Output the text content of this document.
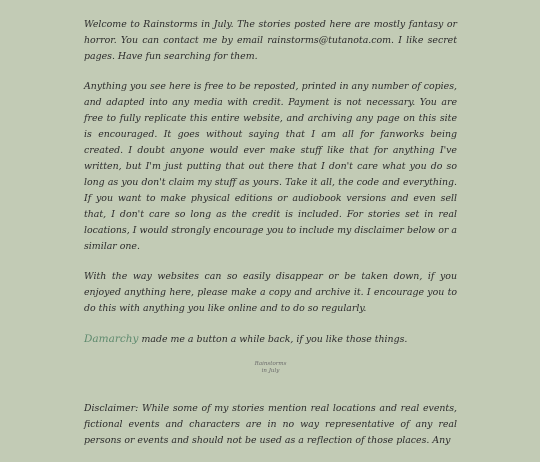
Welcome to Rainstorms in July. The stories posted here are mostly fantasy or horror. You can contact me by email rainstorms@tutanota.com. I like secret pages. Have fun searching for them.

Anything you see here is free to be reposted, printed in any number of copies, and adapted into any media with credit. Payment is not necessary. You are free to fully replicate this entire website, and archiving any page on this site is encouraged. It goes without saying that I am all for fanworks being created. I doubt anyone would ever make stuff like that for anything I've written, but I'm just putting that out there that I don't care what you do so long as you don't claim my stuff as yours. Take it all, the code and everything. If you want to make physical editions or audiobook versions and even sell that, I don't care so long as the credit is included. For stories set in real locations, I would strongly encourage you to include my disclaimer below or a similar one.

With the way websites can so easily disappear or be taken down, if you enjoyed anything here, please make a copy and archive it. I encourage you to do this with anything you like online and to do so regularly.

Damarchy made me a button a while back, if you like those things.

Rainstorms
in July

Disclaimer: While some of my stories mention real locations and real events, fictional events and characters are in no way representative of any real persons or events and should not be used as a reflection of those places. Any
